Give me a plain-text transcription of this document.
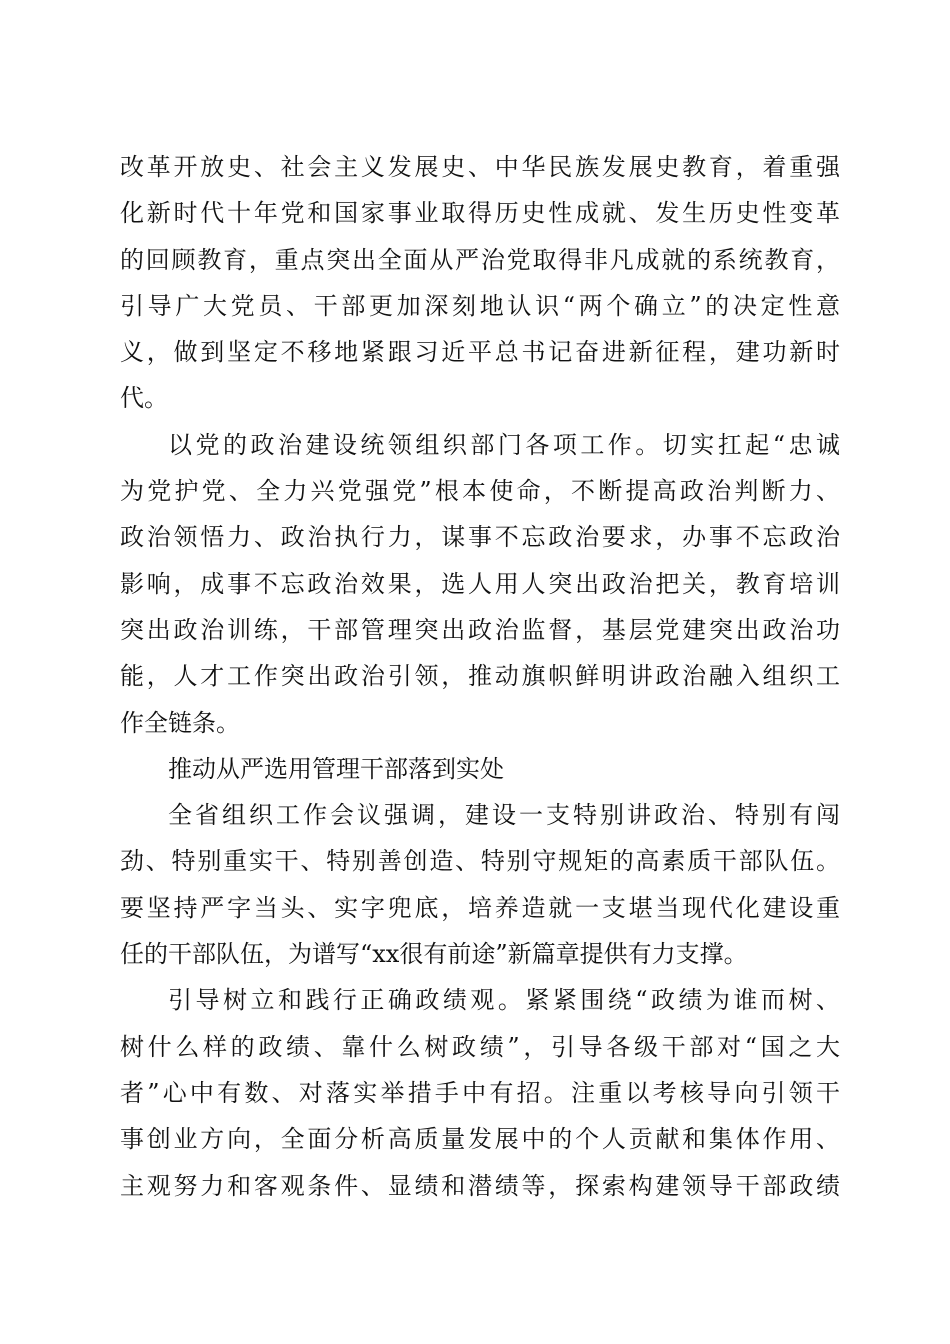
改革开放史、社会主义发展史、中华民族发展史教育，着重强

化新时代十年党和国家事业取得历史性成就、发生历史性变革

的回顾教育，重点突出全面从严治党取得非凡成就的系统教育，

引导广大党员、干部更加深刻地认识“两个确立”的决定性意

义，做到坚定不移地紧跟习近平总书记奋进新征程，建功新时

代。

以党的政治建设统领组织部门各项工作。切实扛起“忠诚

为党护党、全力兴党强党”根本使命，不断提高政治判断力、

政治领悟力、政治执行力，谋事不忘政治要求，办事不忘政治

影响，成事不忘政治效果，选人用人突出政治把关，教育培训

突出政治训练，干部管理突出政治监督，基层党建突出政治功

能，人才工作突出政治引领，推动旗帜鲜明讲政治融入组织工

作全链条。

推动从严选用管理干部落到实处

全省组织工作会议强调，建设一支特别讲政治、特别有闯

劲、特别重实干、特别善创造、特别守规矩的高素质干部队伍。

要坚持严字当头、实字兜底，培养造就一支堪当现代化建设重

任的干部队伍，为谱写“xx很有前途”新篇章提供有力支撑。

引导树立和践行正确政绩观。紧紧围绕“政绩为谁而树、

树什么样的政绩、靠什么树政绩”，引导各级干部对“国之大

者”心中有数、对落实举措手中有招。注重以考核导向引领干

事创业方向，全面分析高质量发展中的个人贡献和集体作用、

主观努力和客观条件、显绩和潜绩等，探索构建领导干部政绩
